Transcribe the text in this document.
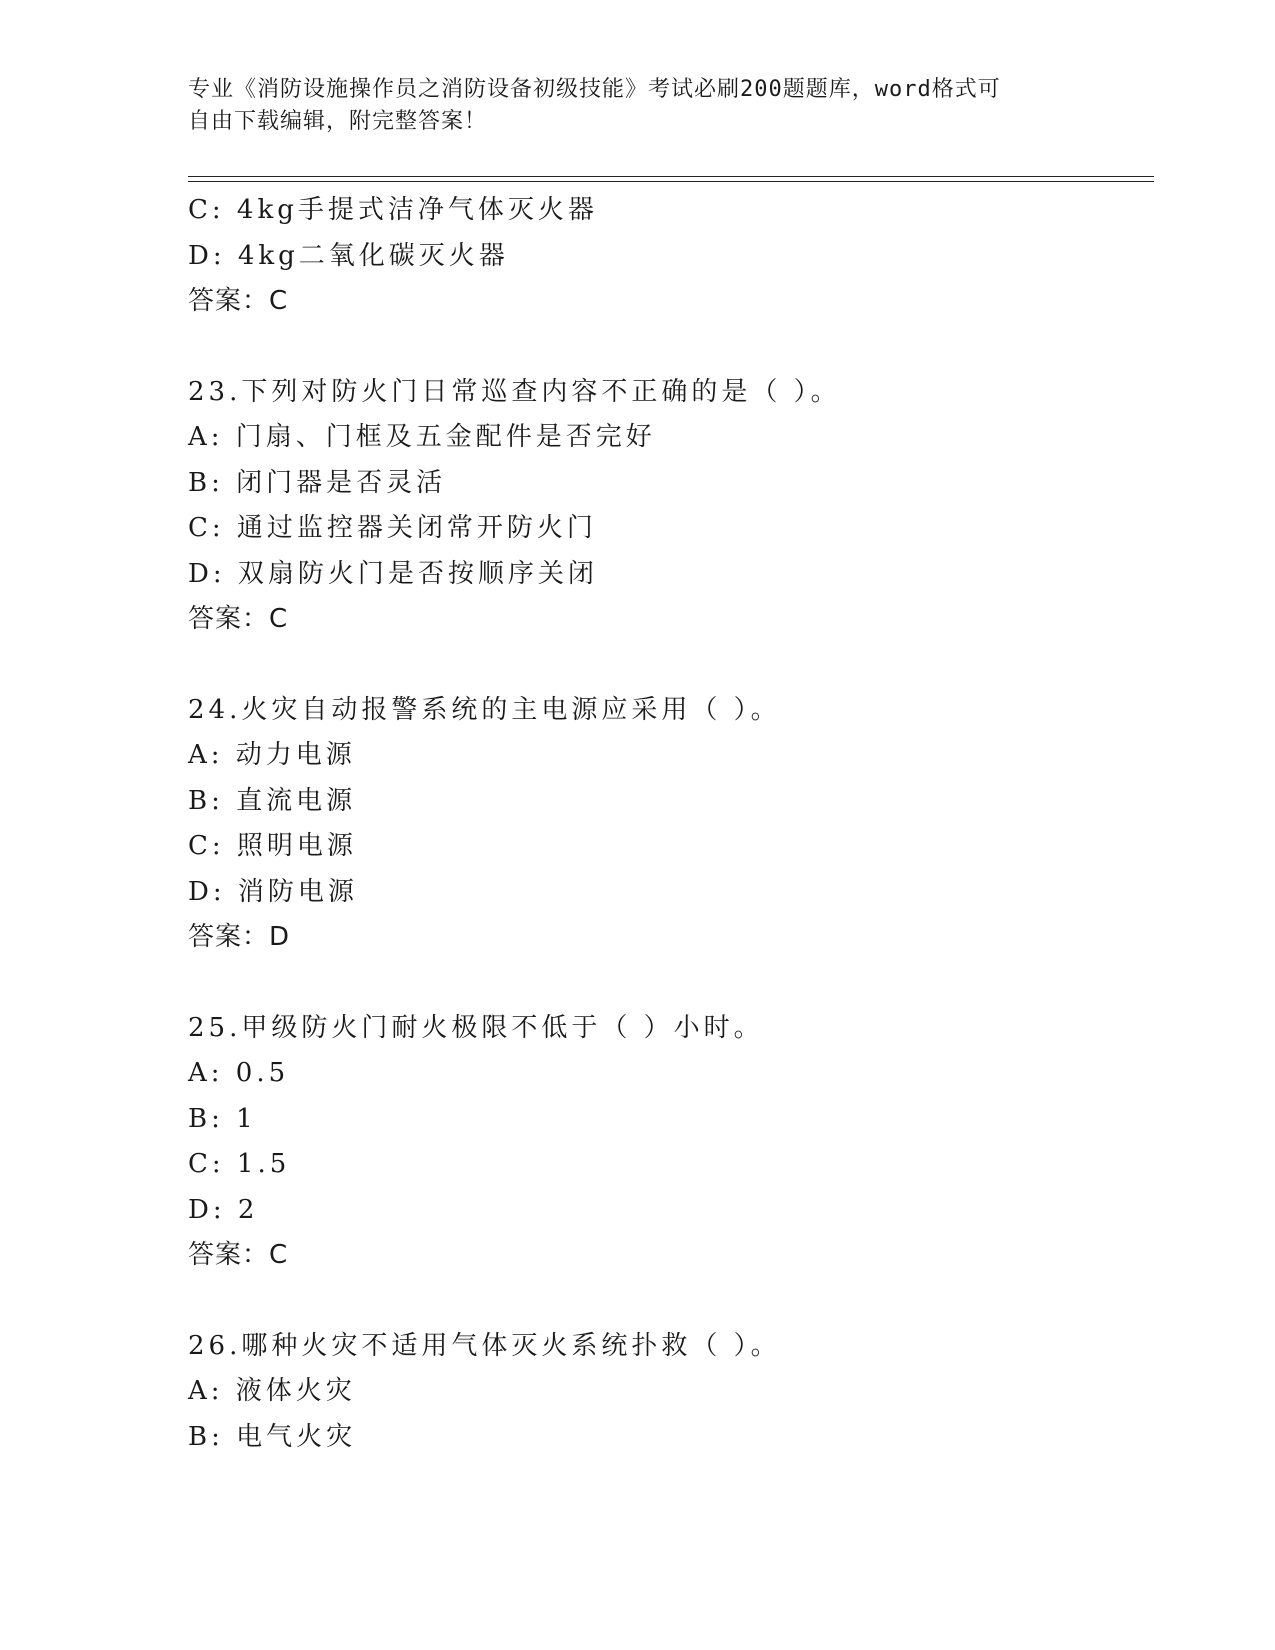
专业《消防设施操作员之消防设备初级技能》考试必刷200题题库，word格式可
自由下载编辑，附完整答案！
C: 4kg手提式洁净气体灭火器
D: 4kg二氧化碳灭火器
答案：C
23.下列对防火门日常巡查内容不正确的是（ ）。
A: 门扇、门框及五金配件是否完好
B: 闭门器是否灵活
C: 通过监控器关闭常开防火门
D: 双扇防火门是否按顺序关闭
答案：C
24.火灾自动报警系统的主电源应采用（ ）。
A: 动力电源
B: 直流电源
C: 照明电源
D: 消防电源
答案：D
25.甲级防火门耐火极限不低于（ ）小时。
A: 0.5
B: 1
C: 1.5
D: 2
答案：C
26.哪种火灾不适用气体灭火系统扑救（ ）。
A: 液体火灾
B: 电气火灾
